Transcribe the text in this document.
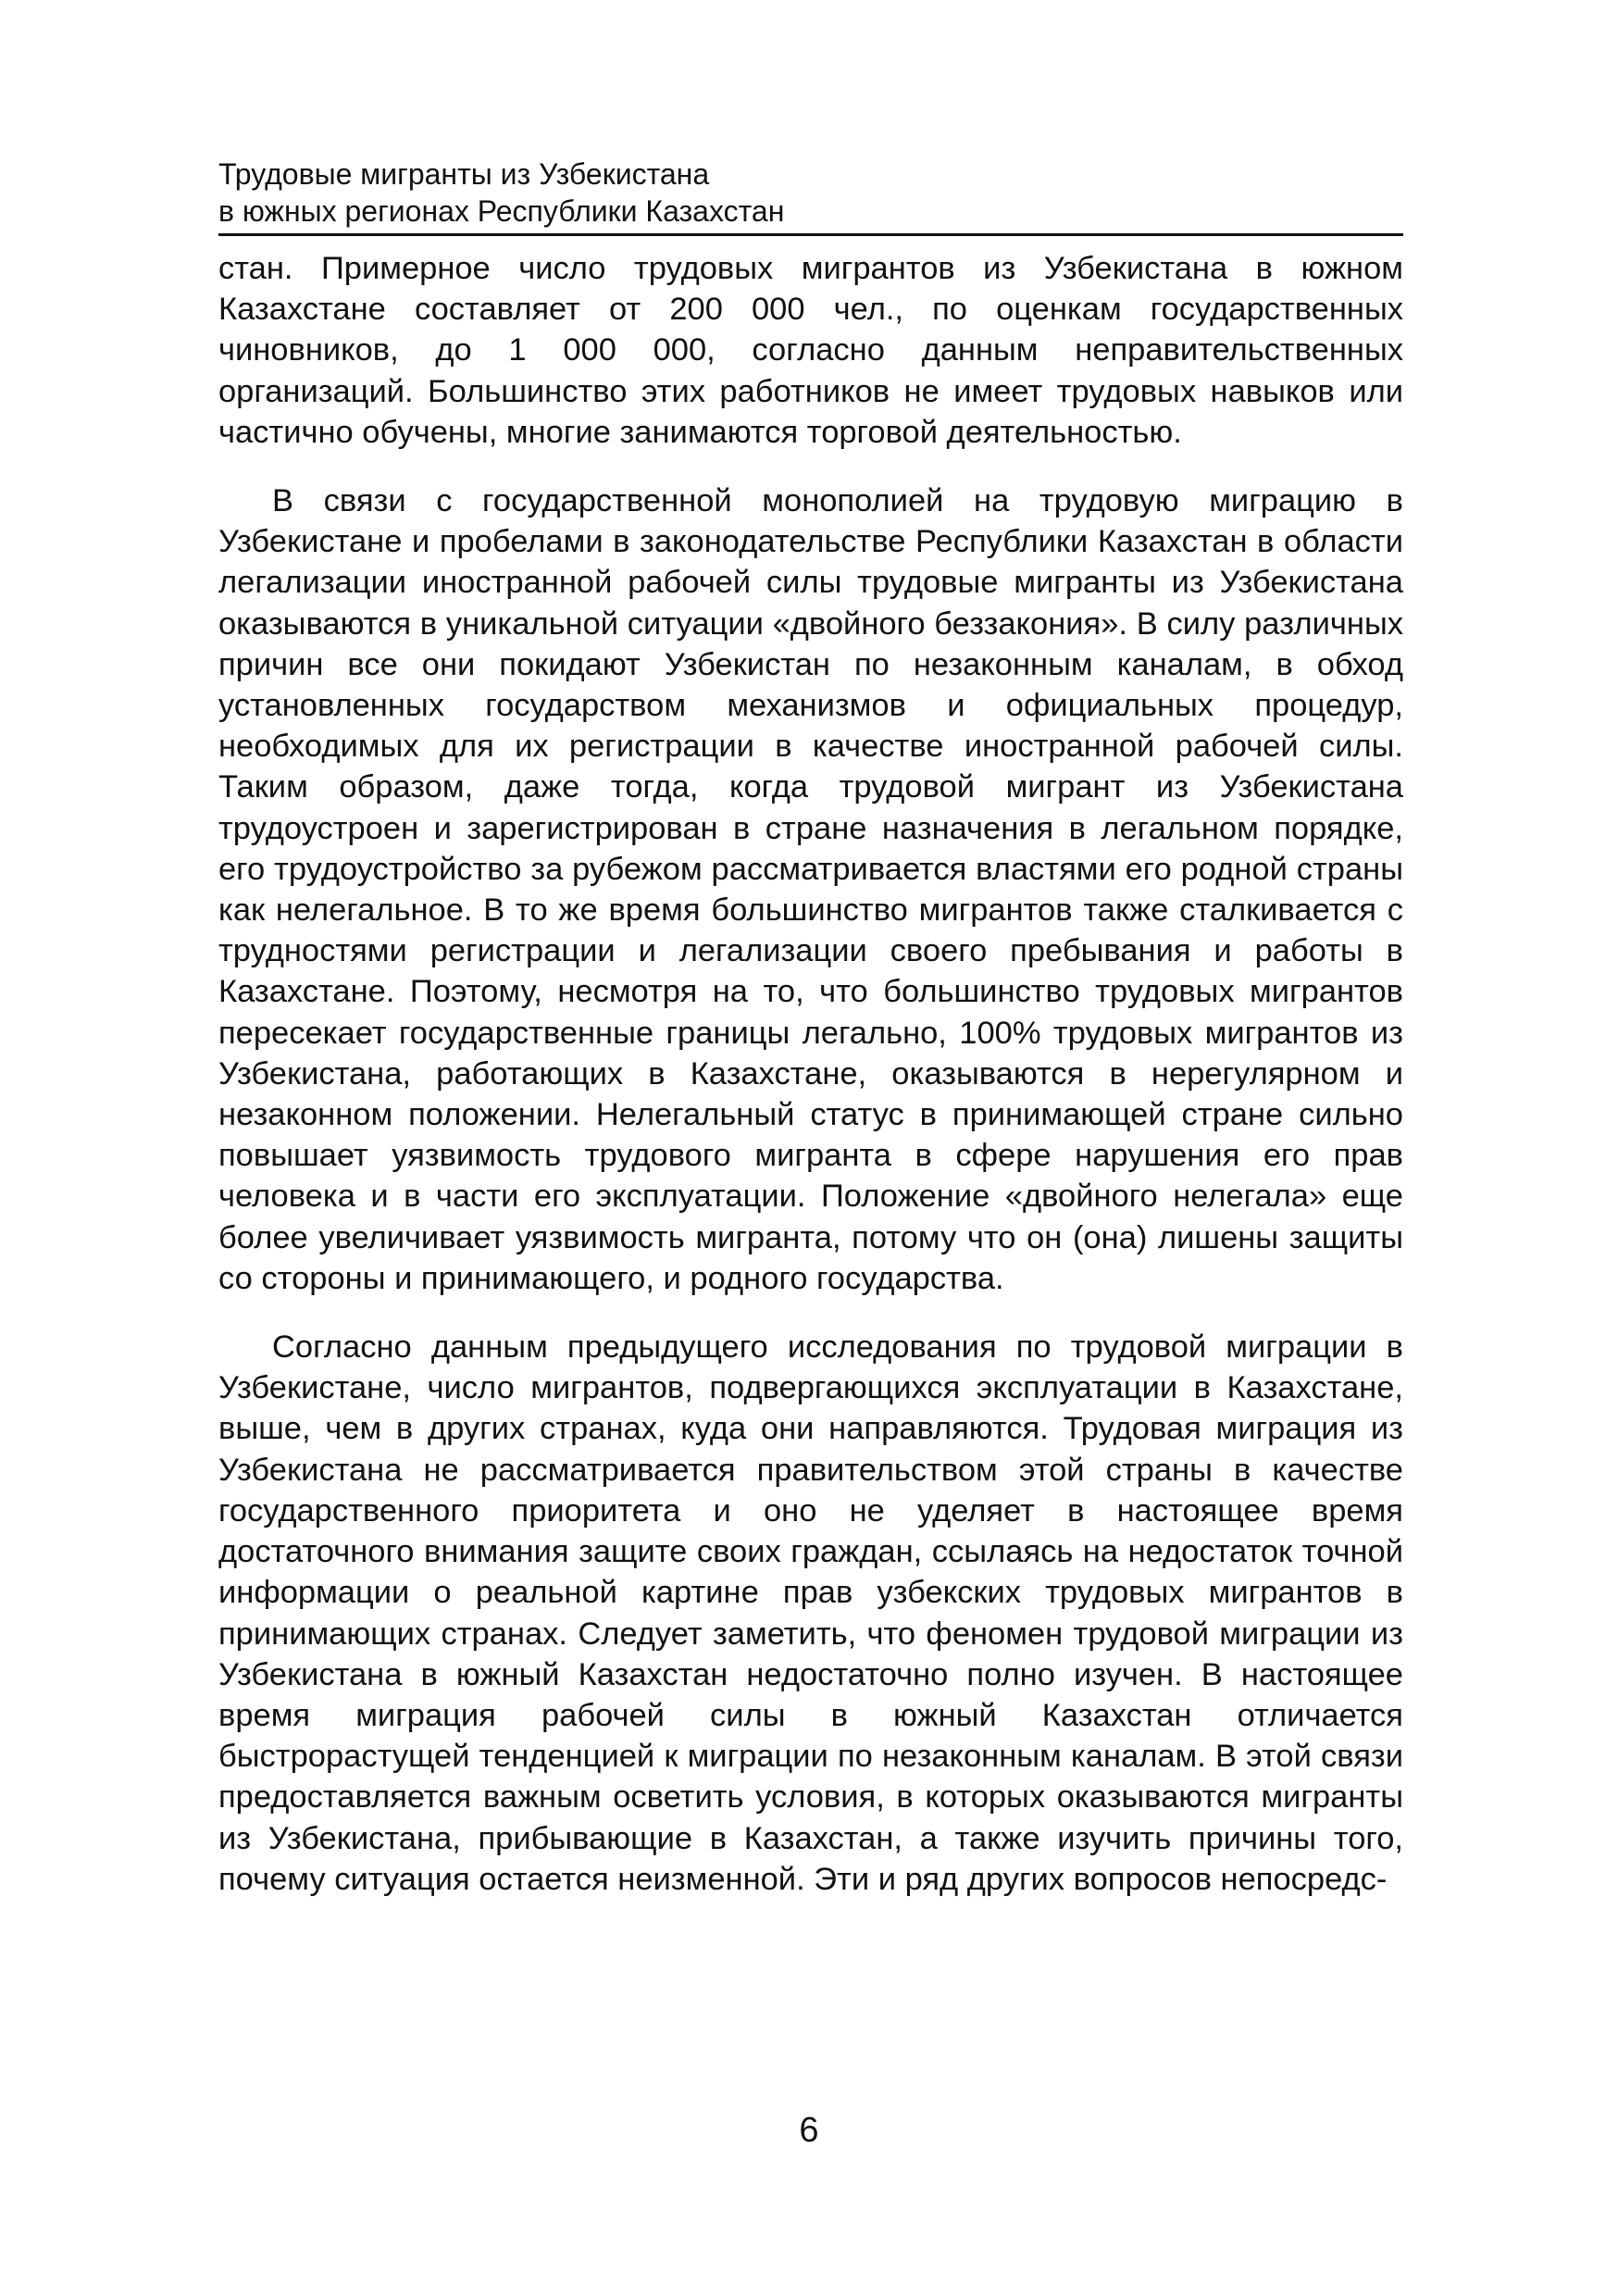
Трудовые мигранты из Узбекистана
в южных регионах Республики Казахстан

стан. Примерное число трудовых мигрантов из Узбекистана в южном Казахстане составляет от 200 000 чел., по оценкам государственных чиновников, до 1 000 000, согласно данным неправительственных организаций. Большинство этих работников не имеет трудовых навыков или частично обучены, многие занимаются торговой деятельностью.

В связи с государственной монополией на трудовую миграцию в Узбекистане и пробелами в законодательстве Республики Казахстан в области легализации иностранной рабочей силы трудовые мигранты из Узбекистана оказываются в уникальной ситуации «двойного беззакония». В силу различных причин все они покидают Узбекистан по незаконным каналам, в обход установленных государством механизмов и официальных процедур, необходимых для их регистрации в качестве иностранной рабочей силы. Таким образом, даже тогда, когда трудовой мигрант из Узбекистана трудоустроен и зарегистрирован в стране назначения в легальном порядке, его трудоустройство за рубежом рассматривается властями его родной страны как нелегальное. В то же время большинство мигрантов также сталкивается с трудностями регистрации и легализации своего пребывания и работы в Казахстане. Поэтому, несмотря на то, что большинство трудовых мигрантов пересекает государственные границы легально, 100% трудовых мигрантов из Узбекистана, работающих в Казахстане, оказываются в нерегулярном и незаконном положении. Нелегальный статус в принимающей стране сильно повышает уязвимость трудового мигранта в сфере нарушения его прав человека и в части его эксплуатации. Положение «двойного нелегала» еще более увеличивает уязвимость мигранта, потому что он (она) лишены защиты со стороны и принимающего, и родного государства.

Согласно данным предыдущего исследования по трудовой миграции в Узбекистане, число мигрантов, подвергающихся эксплуатации в Казахстане, выше, чем в других странах, куда они направляются. Трудовая миграция из Узбекистана не рассматривается правительством этой страны в качестве государственного приоритета и оно не уделяет в настоящее время достаточного внимания защите своих граждан, ссылаясь на недостаток точной информации о реальной картине прав узбекских трудовых мигрантов в принимающих странах. Следует заметить, что феномен трудовой миграции из Узбекистана в южный Казахстан недостаточно полно изучен. В настоящее время миграция рабочей силы в южный Казахстан отличается быстрорастущей тенденцией к миграции по незаконным каналам. В этой связи предоставляется важным осветить условия, в которых оказываются мигранты из Узбекистана, прибывающие в Казахстан, а также изучить причины того, почему ситуация остается неизменной. Эти и ряд других вопросов непосредс-

6
